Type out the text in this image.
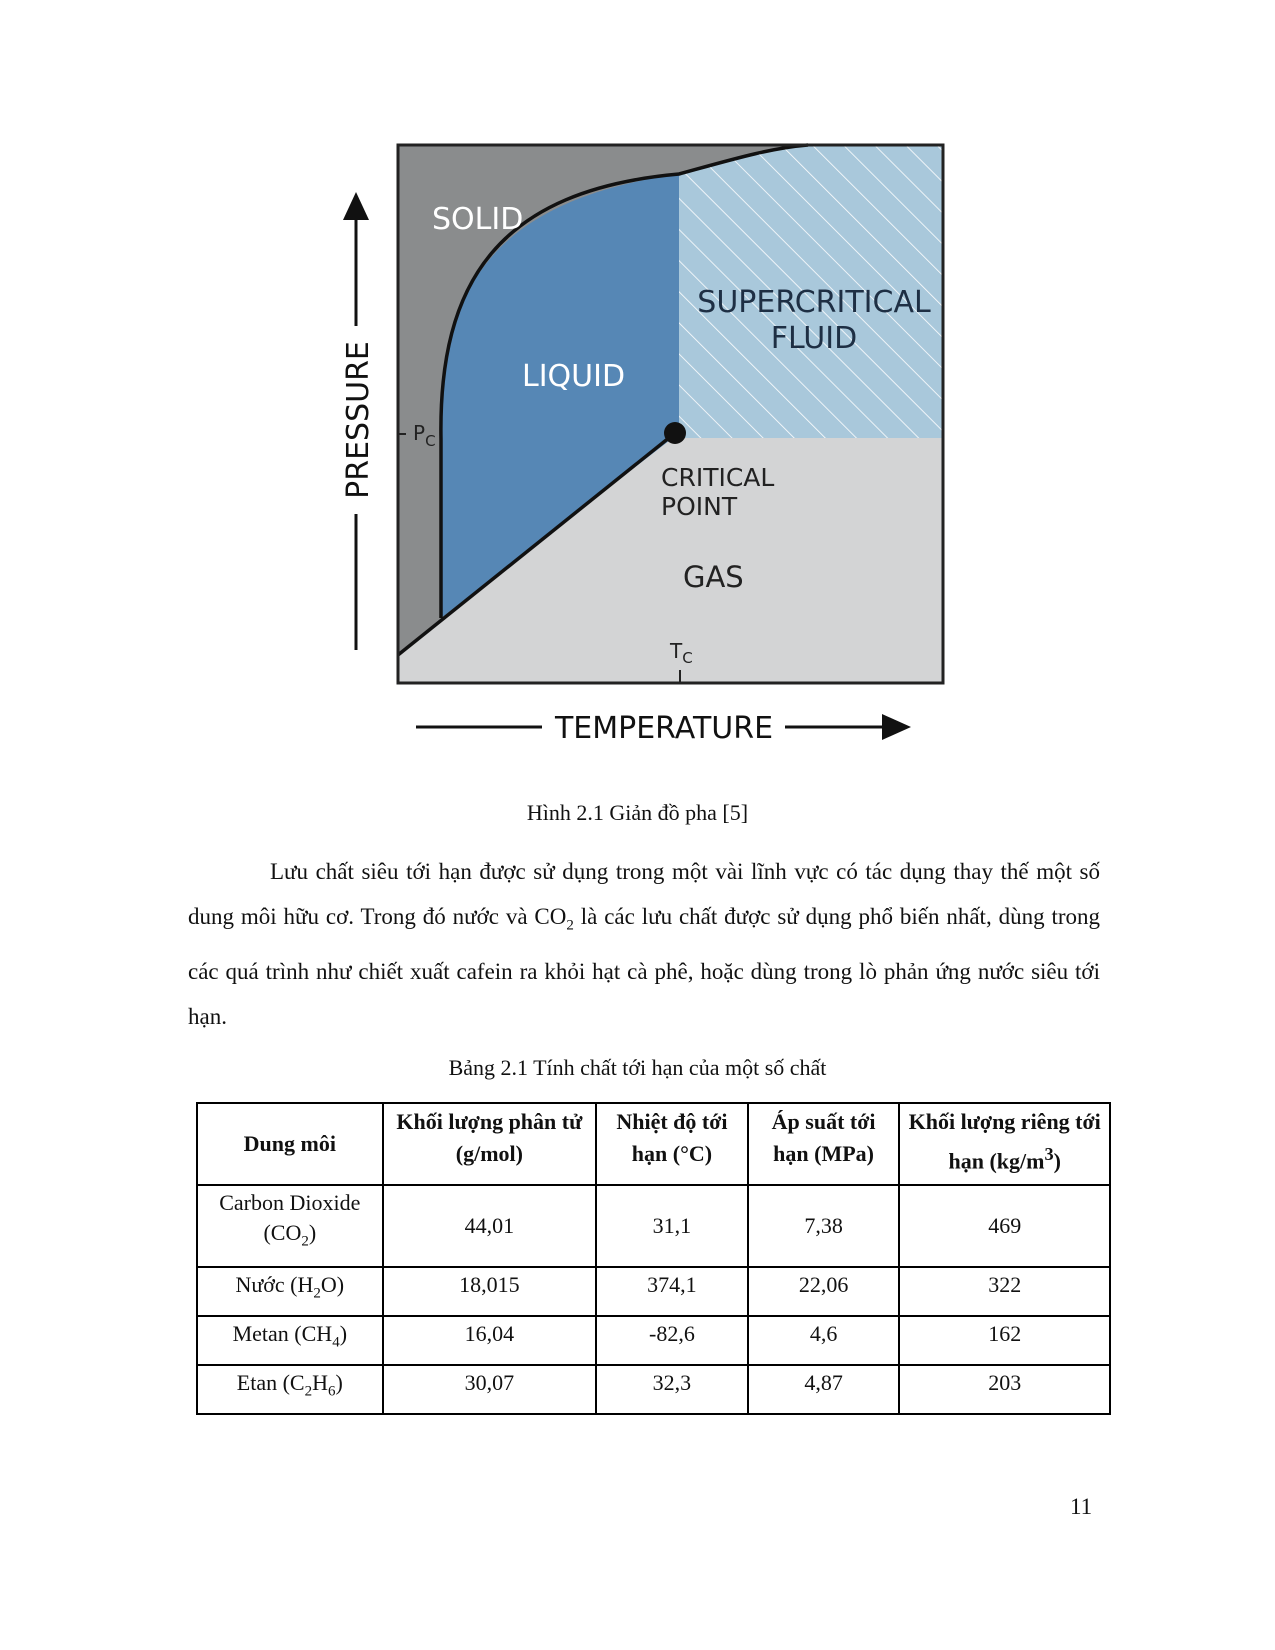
SOLID
LIQUID
SUPERCRITICAL
FLUID
CRITICAL
POINT
GAS
$T_C$
$P_C$
PRESSURE
TEMPERATURE
Hình 2.1 Giản đồ pha [5]

Lưu chất siêu tới hạn được sử dụng trong một vài lĩnh vực có tác dụng thay thế một số dung môi hữu cơ. Trong đó nước và $CO_2$ là các lưu chất được sử dụng phổ biến nhất, dùng trong các quá trình như chiết xuất cafein ra khỏi hạt cà phê, hoặc dùng trong lò phản ứng nước siêu tới hạn.

Bảng 2.1 Tính chất tới hạn của một số chất
Dung môi	Khối lượng phân tử (g/mol)	Nhiệt độ tới hạn (°C)	Áp suất tới hạn (MPa)	Khối lượng riêng tới hạn $(kg/m^3)$
Carbon Dioxide $(CO_2)$	44,01	31,1	7,38	469
Nước $(H_2O)$	18,015	374,1	22,06	322
Metan $(CH_4)$	16,04	-82,6	4,6	162
Etan $(C_2H_6)$	30,07	32,3	4,87	203
11
